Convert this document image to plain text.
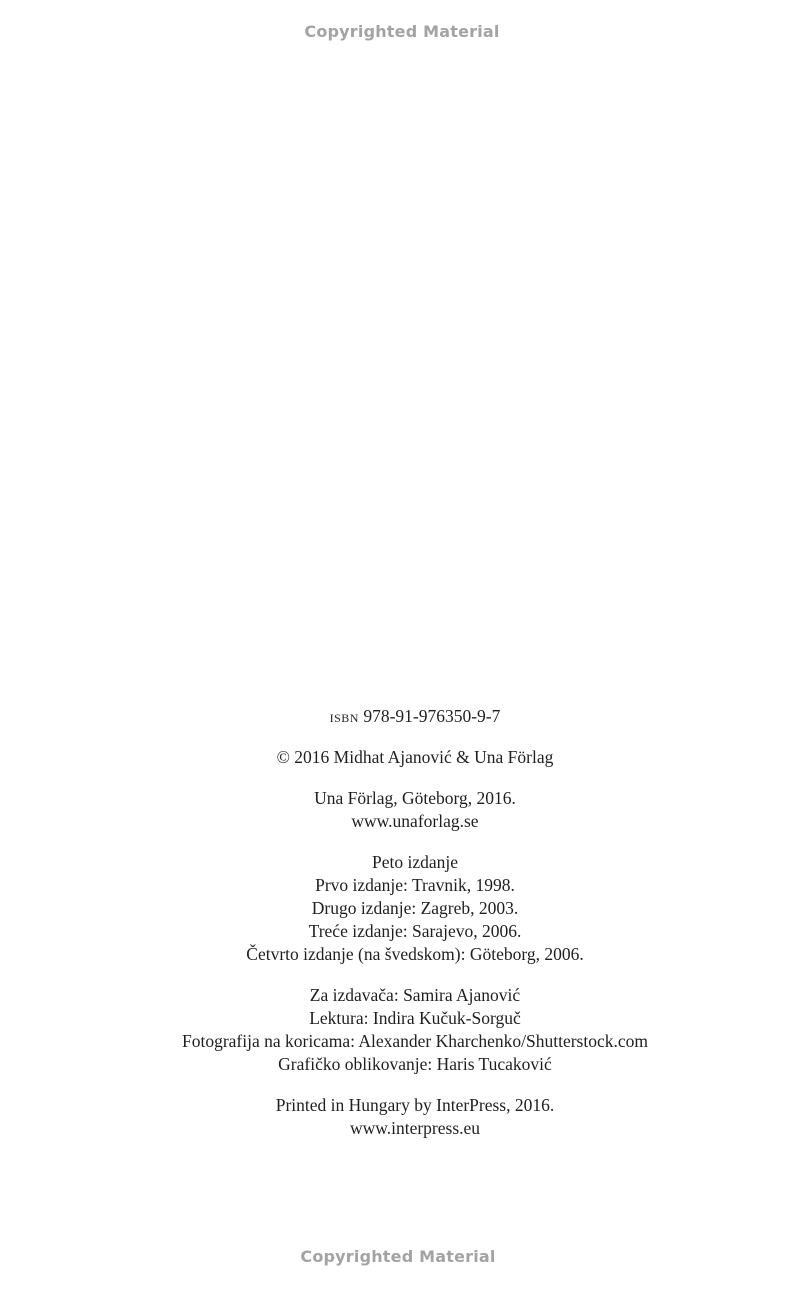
Copyrighted Material

isbn 978-91-976350-9-7

© 2016 Midhat Ajanović & Una Förlag

Una Förlag, Göteborg, 2016.
www.unaforlag.se

Peto izdanje
Prvo izdanje: Travnik, 1998.
Drugo izdanje: Zagreb, 2003.
Treće izdanje: Sarajevo, 2006.
Četvrto izdanje (na švedskom): Göteborg, 2006.

Za izdavača: Samira Ajanović
Lektura: Indira Kučuk-Sorguč
Fotografija na koricama: Alexander Kharchenko/Shutterstock.com
Grafičko oblikovanje: Haris Tucaković

Printed in Hungary by InterPress, 2016.
www.interpress.eu

Copyrighted Material
